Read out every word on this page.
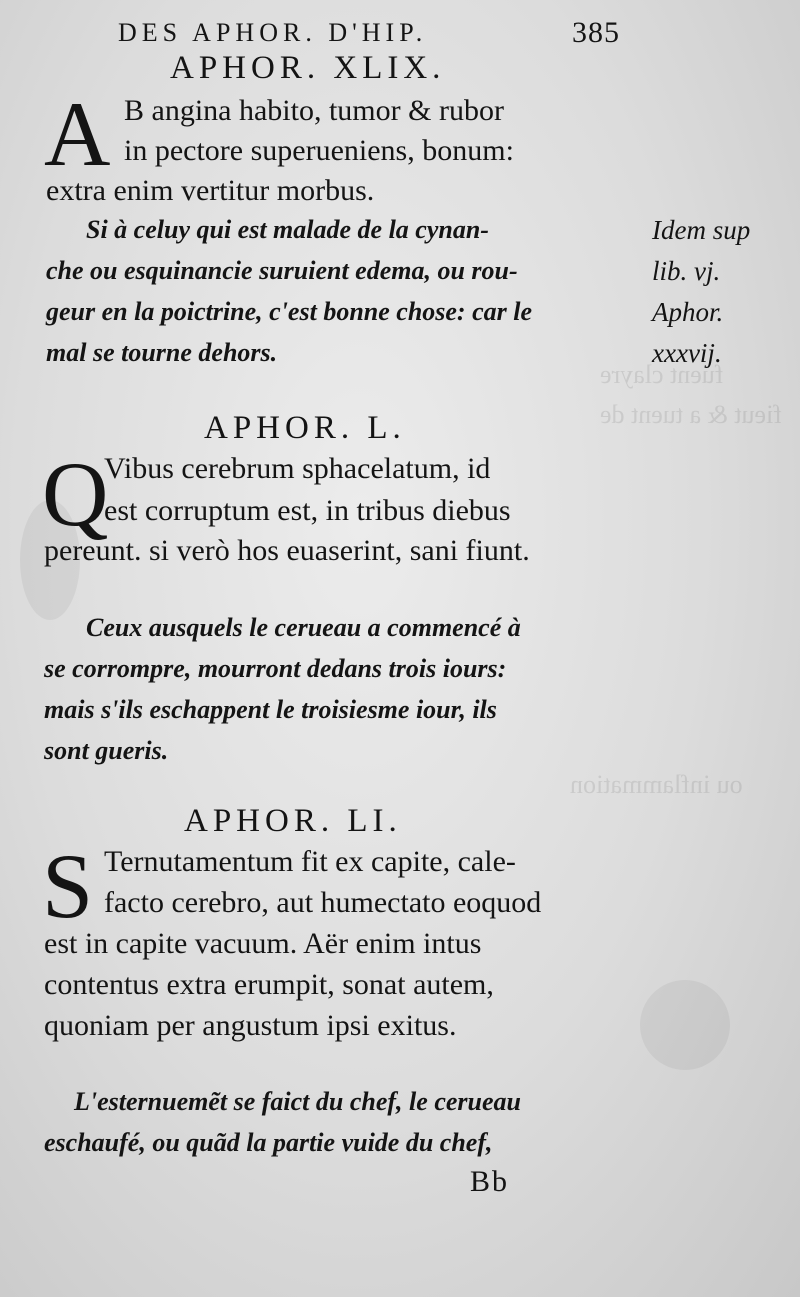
fuent clayre
fieut & a tuent de
ou inflammation
DES APHOR. D'HIP.	385
APHOR. XLIX.
A B angina habito, tumor & rubor
in pectore superueniens, bonum:
extra enim vertitur morbus.
Si à celuy qui est malade de la cynan-
che ou esquinancie suruient edema, ou rou-
geur en la poictrine, c'est bonne chose: car le
mal se tourne dehors.
Idem sup
lib. vj.
Aphor.
xxxvij.
APHOR. L.
Q
Vibus cerebrum sphacelatum, id
est corruptum est, in tribus diebus
pereunt. si verò hos euaserint, sani fiunt.
Ceux ausquels le cerueau a commencé à
se corrompre, mourront dedans trois iours:
mais s'ils eschappent le troisiesme iour, ils
sont gueris.
APHOR. LI.
S Ternutamentum fit ex capite, cale-
facto cerebro, aut humectato eoquod
est in capite vacuum. Aër enim intus
contentus extra erumpit, sonat autem,
quoniam per angustum ipsi exitus.
L'esternuemẽt se faict du chef, le cerueau
eschaufé, ou quãd la partie vuide du chef,
Bb
